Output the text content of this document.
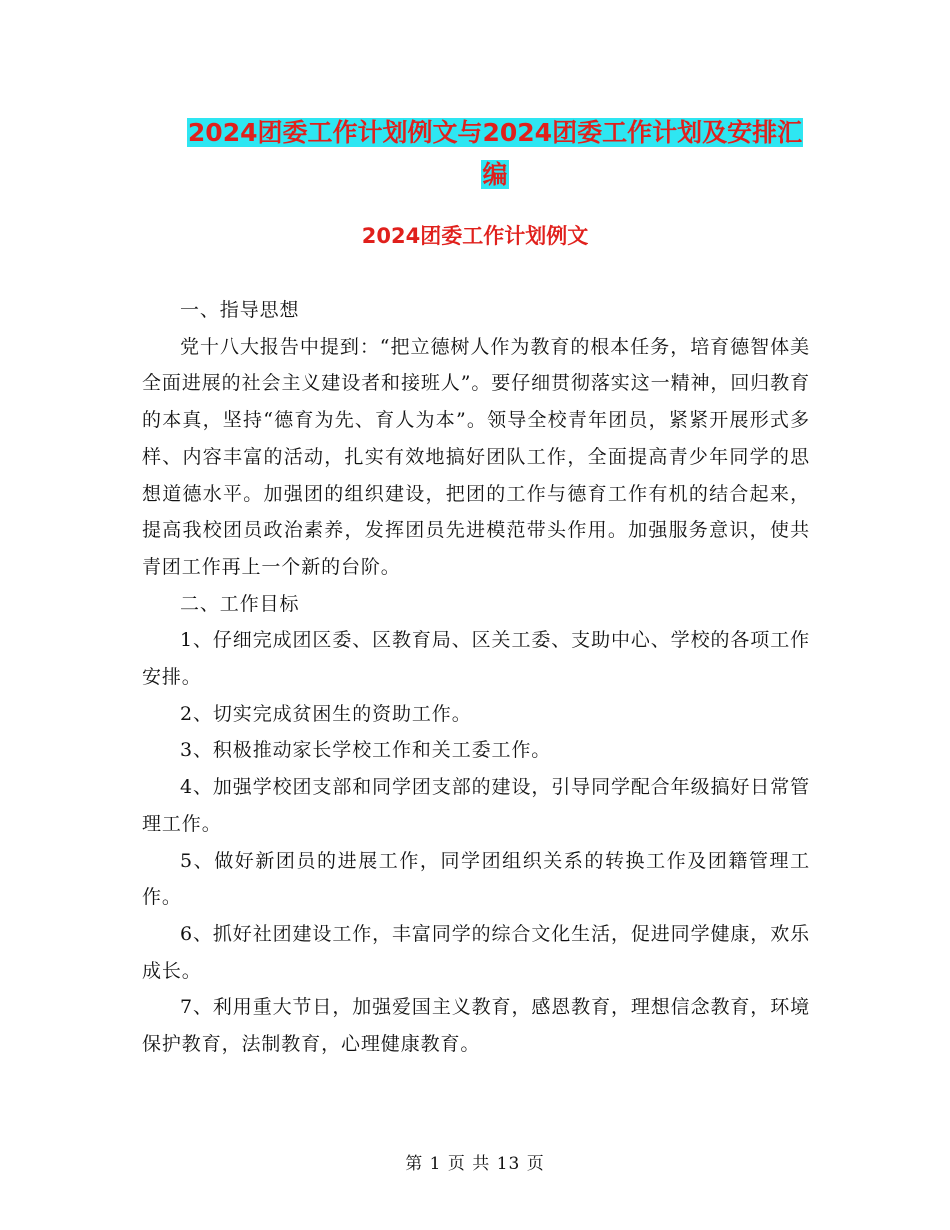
2024团委工作计划例文与2024团委工作计划及安排汇
编
2024团委工作计划例文

一、指导思想

党十八大报告中提到：“把立德树人作为教育的根本任务，培育德智体美全面进展的社会主义建设者和接班人”。要仔细贯彻落实这一精神，回归教育的本真，坚持“德育为先、育人为本”。领导全校青年团员，紧紧开展形式多样、内容丰富的活动，扎实有效地搞好团队工作，全面提高青少年同学的思想道德水平。加强团的组织建设，把团的工作与德育工作有机的结合起来，提高我校团员政治素养，发挥团员先进模范带头作用。加强服务意识，使共青团工作再上一个新的台阶。

二、工作目标

1、仔细完成团区委、区教育局、区关工委、支助中心、学校的各项工作安排。

2、切实完成贫困生的资助工作。

3、积极推动家长学校工作和关工委工作。

4、加强学校团支部和同学团支部的建设，引导同学配合年级搞好日常管理工作。

5、做好新团员的进展工作，同学团组织关系的转换工作及团籍管理工作。

6、抓好社团建设工作，丰富同学的综合文化生活，促进同学健康，欢乐成长。

7、利用重大节日，加强爱国主义教育，感恩教育，理想信念教育，环境保护教育，法制教育，心理健康教育。

第 1 页 共 13 页
